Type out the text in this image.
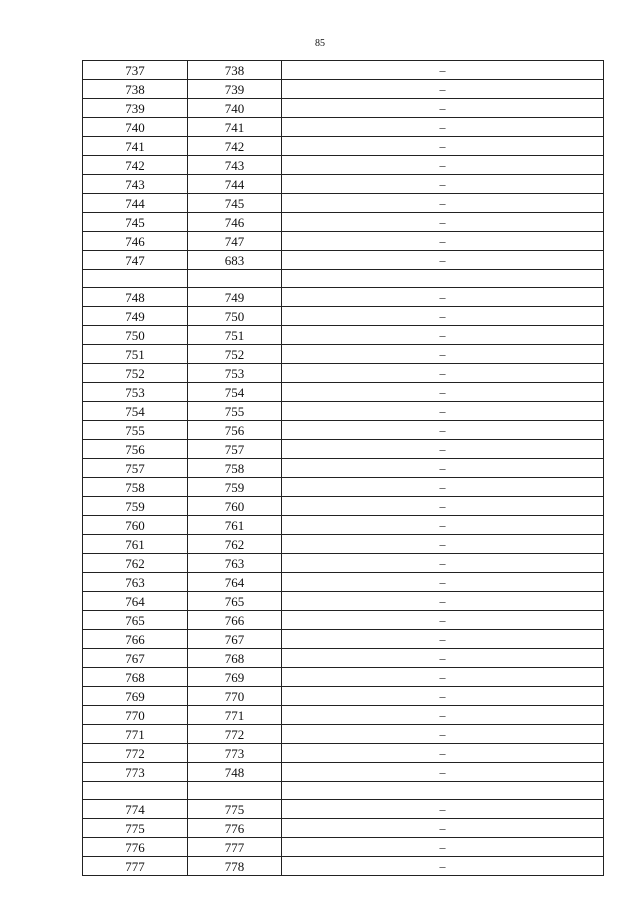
85
737	738	–
738	739	–
739	740	–
740	741	–
741	742	–
742	743	–
743	744	–
744	745	–
745	746	–
746	747	–
747	683	–

748	749	–
749	750	–
750	751	–
751	752	–
752	753	–
753	754	–
754	755	–
755	756	–
756	757	–
757	758	–
758	759	–
759	760	–
760	761	–
761	762	–
762	763	–
763	764	–
764	765	–
765	766	–
766	767	–
767	768	–
768	769	–
769	770	–
770	771	–
771	772	–
772	773	–
773	748	–

774	775	–
775	776	–
776	777	–
777	778	–
